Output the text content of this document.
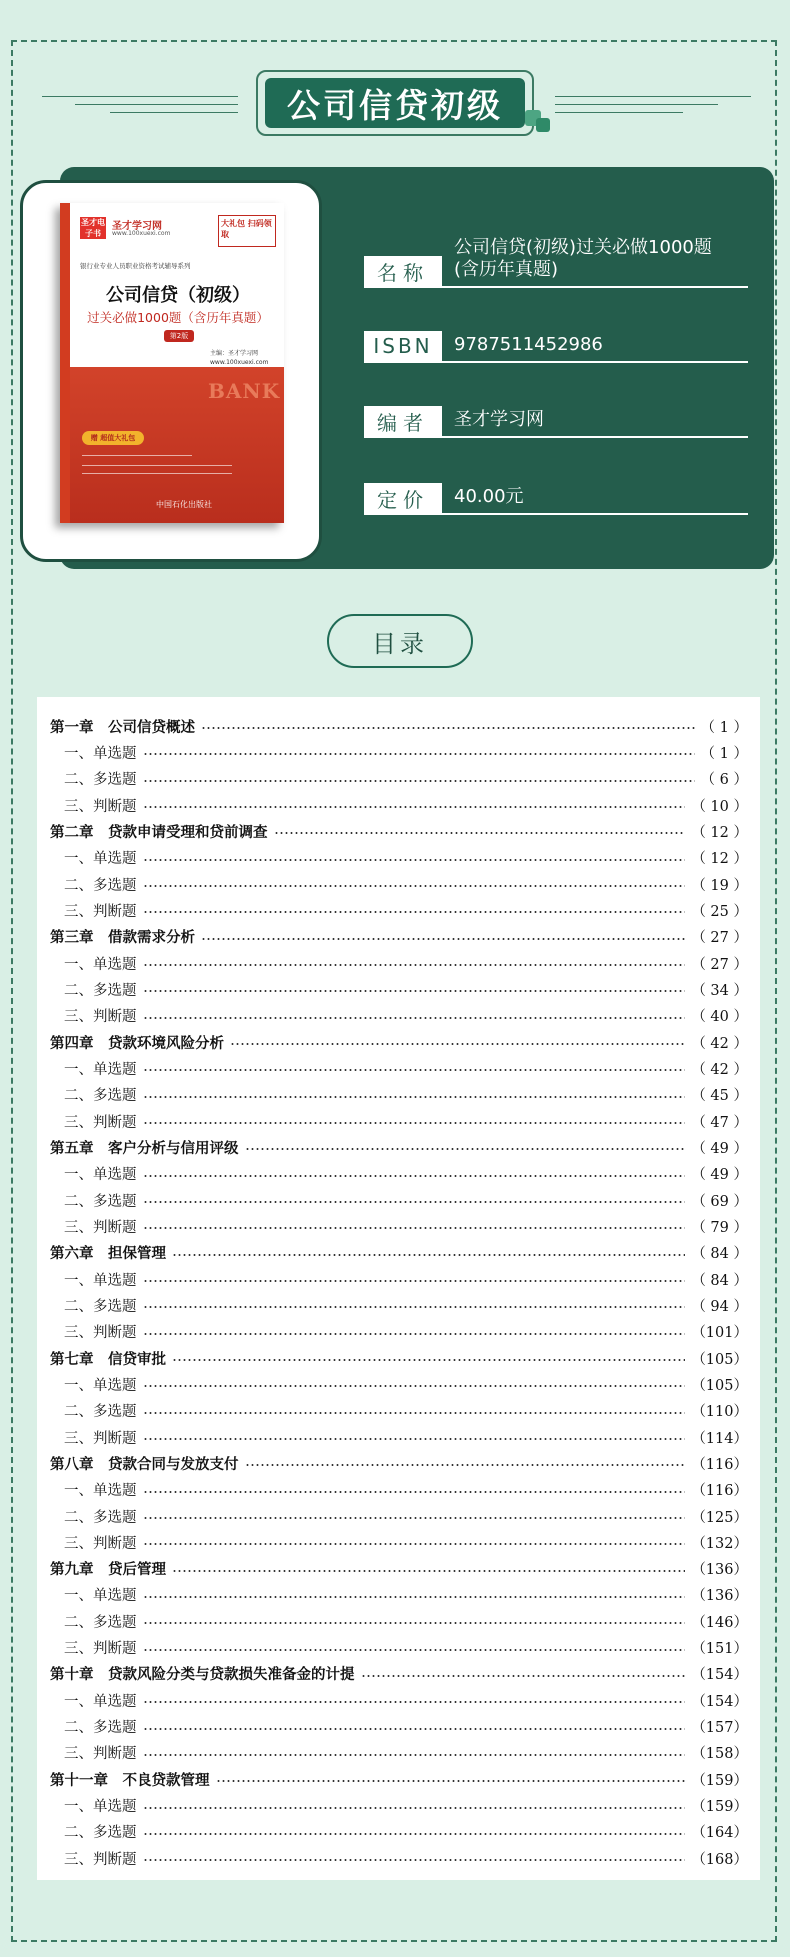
公司信贷初级
圣才电子书
圣才学习网
www.100xuexi.com
大礼包 扫码领取
银行业专业人员职业资格考试辅导系列
公司信贷（初级）
过关必做1000题（含历年真题）
第2版
主编：圣才学习网
www.100xuexi.com
BANK
赠 超值大礼包
中国石化出版社
名称
公司信贷(初级)过关必做1000题(含历年真题)
ISBN	9787511452986
编者	圣才学习网
定价	40.00元
目录
第一章　公司信贷概述	（ 1 ）
一、单选题	（ 1 ）
二、多选题	（ 6 ）
三、判断题	（ 10 ）
第二章　贷款申请受理和贷前调查	（ 12 ）
一、单选题	（ 12 ）
二、多选题	（ 19 ）
三、判断题	（ 25 ）
第三章　借款需求分析	（ 27 ）
一、单选题	（ 27 ）
二、多选题	（ 34 ）
三、判断题	（ 40 ）
第四章　贷款环境风险分析	（ 42 ）
一、单选题	（ 42 ）
二、多选题	（ 45 ）
三、判断题	（ 47 ）
第五章　客户分析与信用评级	（ 49 ）
一、单选题	（ 49 ）
二、多选题	（ 69 ）
三、判断题	（ 79 ）
第六章　担保管理	（ 84 ）
一、单选题	（ 84 ）
二、多选题	（ 94 ）
三、判断题	（101）
第七章　信贷审批	（105）
一、单选题	（105）
二、多选题	（110）
三、判断题	（114）
第八章　贷款合同与发放支付	（116）
一、单选题	（116）
二、多选题	（125）
三、判断题	（132）
第九章　贷后管理	（136）
一、单选题	（136）
二、多选题	（146）
三、判断题	（151）
第十章　贷款风险分类与贷款损失准备金的计提	（154）
一、单选题	（154）
二、多选题	（157）
三、判断题	（158）
第十一章　不良贷款管理	（159）
一、单选题	（159）
二、多选题	（164）
三、判断题	（168）
